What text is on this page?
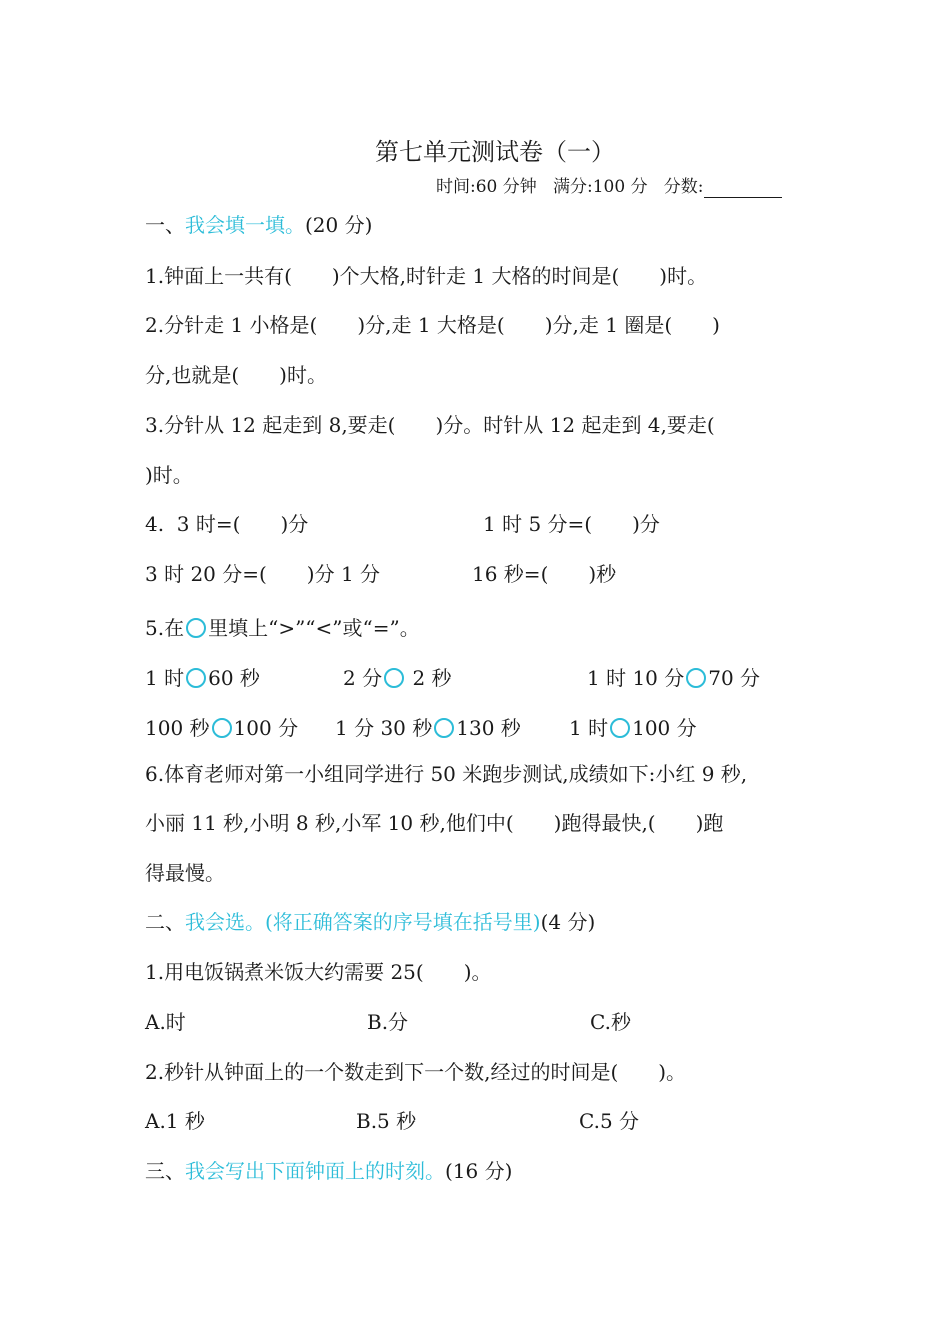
第七单元测试卷（一）
时间:60 分钟 满分:100 分 分数:
一、我会填一填。(20 分)
1.钟面上一共有(　　)个大格,时针走 1 大格的时间是(　　)时。
2.分针走 1 小格是(　　)分,走 1 大格是(　　)分,走 1 圈是(　　)
分,也就是(　　)时。
3.分针从 12 起走到 8,要走(　　)分。时针从 12 起走到 4,要走(
)时。
4.  3 时=(　　)分	1 时 5 分=(　　)分
3 时 20 分=(　　)分 1 分	16 秒=(　　)秒
5.在 里填上“>”“<”或“=”。
1 时 60 秒	2 分 2 秒	1 时 10 分 70 分
100 秒 100 分 1 分 30 秒 130 秒 1 时 100 分
6.体育老师对第一小组同学进行 50 米跑步测试,成绩如下:小红 9 秒,
小丽 11 秒,小明 8 秒,小军 10 秒,他们中(　　)跑得最快,(　　)跑
得最慢。
二、我会选。(将正确答案的序号填在括号里)(4 分)
1.用电饭锅煮米饭大约需要 25(　　)。
A.时	B.分	C.秒
2.秒针从钟面上的一个数走到下一个数,经过的时间是(　　)。
A.1 秒	B.5 秒	C.5 分
三、我会写出下面钟面上的时刻。(16 分)
